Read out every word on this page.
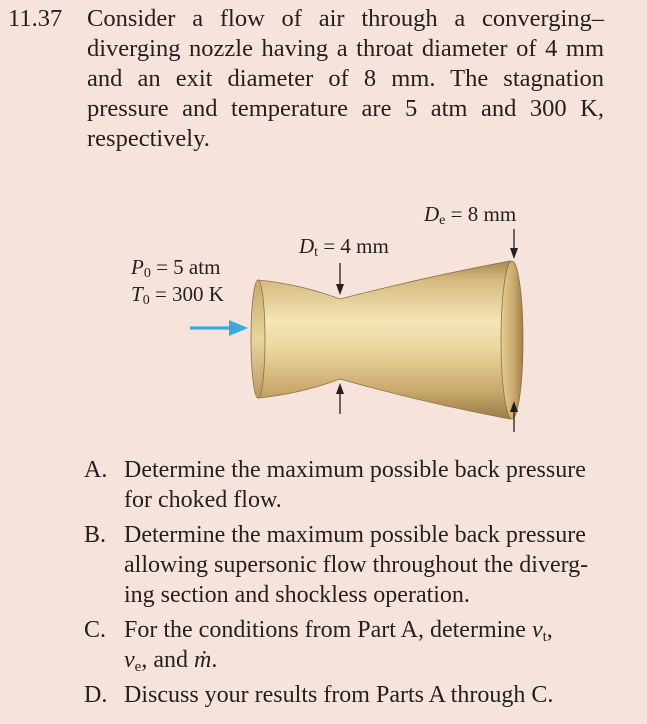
11.37 Consider a flow of air through a converging–diverging nozzle having a throat diameter of 4 mm and an exit diameter of 8 mm. The stagnation pressure and temperature are 5 atm and 300 K, respectively.
$D_e = 8$ mm
$D_t = 4$ mm
$P_0 = 5$ atm
$T_0 = 300$ K
A. Determine the maximum possible back pressure for choked flow.
B. Determine the maximum possible back pressure allowing supersonic flow throughout the diverg-ing section and shockless operation.
C. For the conditions from Part A, determine $v_t$,
$v_e$, and ṁ.
D. Discuss your results from Parts A through C.
